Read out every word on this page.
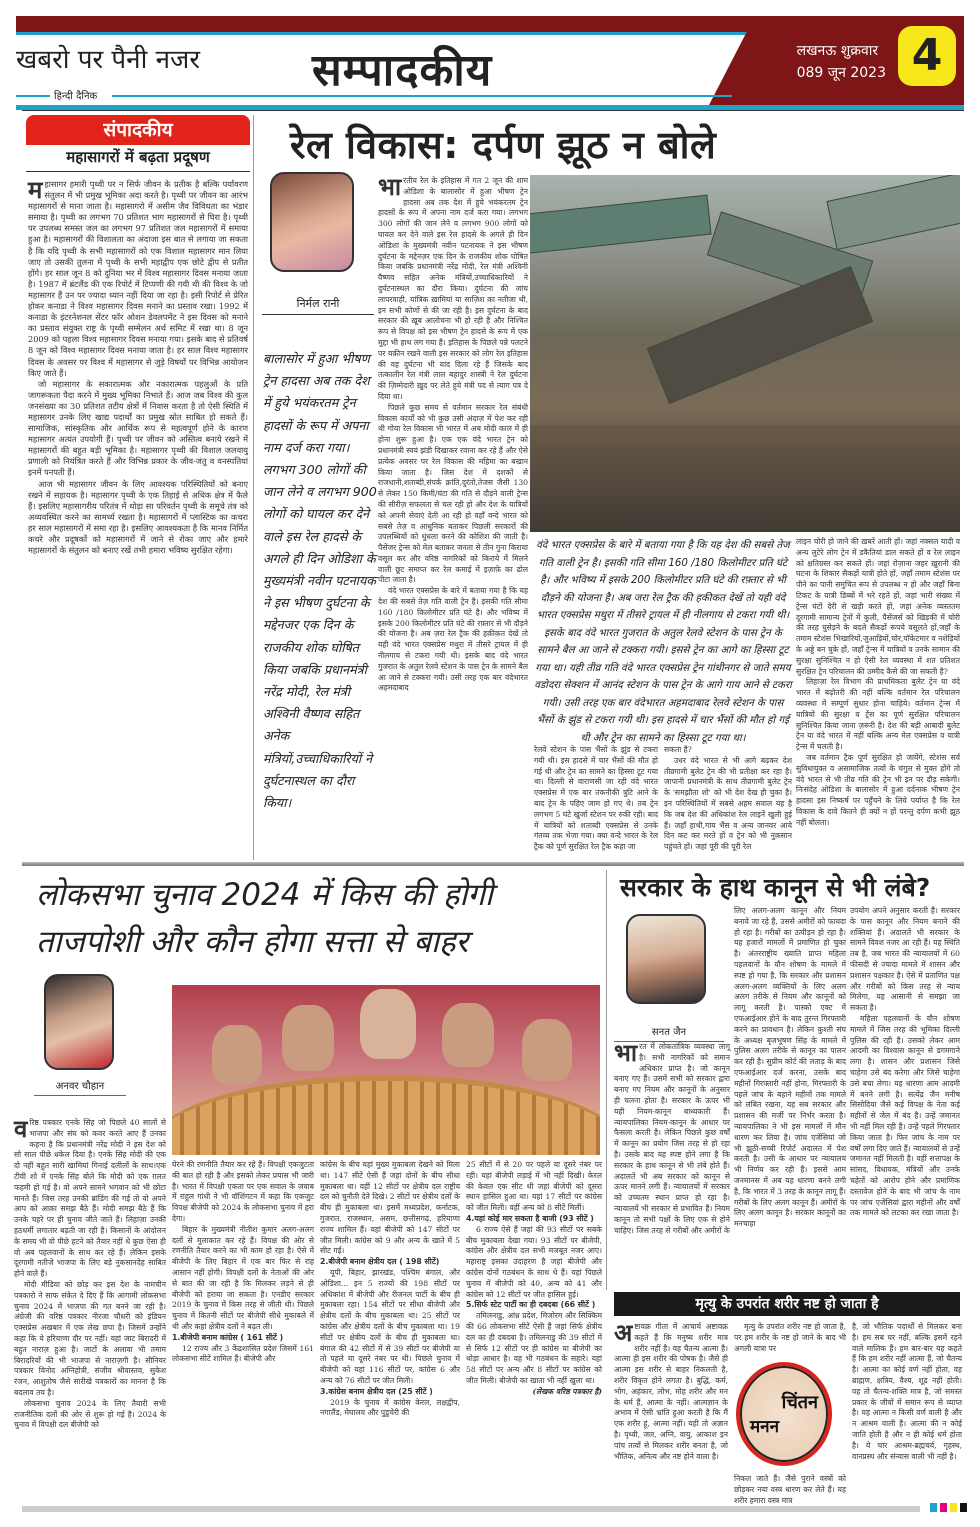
खबरो पर पैनी नजर
हिन्दी दैनिक
सम्पादकीय	लखनऊ शुक्रवार
089 जून 2023 4
संपादकीय
महासागरों में बढ़ता प्रदूषण

महासागर हमारी पृथ्वी पर न सिर्फ जीवन के प्रतीक है बल्कि पर्यावरण संतुलन में भी प्रमुख भूमिका अदा करते है। पृथ्वी पर जीवन का आरंभ महासागरों से माना जाता है। महासागरो में असीम जैव विविधता का भंडार समाया है। पृथ्वी का लगभग 70 प्रतिशत भाग महासागरों से घिरा है। पृथ्वी पर उपलब्ध समस्त जल का लगभग 97 प्रतिशत जल महासागरों में समाया हुआ है। महासागरों की विशालता का अंदाजा इस बात से लगाया जा सकता है कि यदि पृथ्वी के सभी महासागरों को एक विशाल महासागर मान लिया जाए तो उसकी तुलना में पृथ्वी के सभी महाद्वीप एक छोटे द्वीप से प्रतीत होंगे। हर साल जून 8 को दुनिया भर में विश्व महासागर दिवस मनाया जाता है। 1987 में ब्रंटलैंड की एक रिपोर्ट में टिप्पणी की गयी थी की विश्व के जो महासागर हैं उन पर ज्यादा ध्यान नहीं दिया जा रहा है। इसी रिपोर्ट से प्रेरित होकर कनाडा ने विश्व महासागर दिवस मनाने का प्रस्ताव रखा। 1992 में कनाडा के इंटरनेशनल सेंटर फॉर ओशन डेवलपमेंट ने इस दिवस को मनाने का प्रस्ताव संयुक्त राष्ट्र के पृथ्वी सम्मेलन अर्थ समिट में रखा था। 8 जून 2009 को पहला विश्व महासागर दिवस मनाया गया। इसके बाद से प्रतिवर्ष 8 जून को विश्व महासागर दिवस मनाया जाता है। हर साल विश्व महासागर दिवस के अवसर पर विश्व में महासागर से जुड़े विषयों पर विभिन्न आयोजन किए जाते हैं।

जो महासागर के सकारात्मक और नकारात्मक पहलुओं के प्रति जागरूकता पैदा करने में मुख्य भूमिका निभाते हैं। आज जब विश्व की कुल जनसंख्या का 30 प्रतिशत तटीय क्षेत्रों में निवास करता है तो ऐसी स्थिति में महासागर उनके लिए खाद्य पदार्थों का प्रमुख स्रोत साबित हो सकते हैं। सामाजिक, सांस्कृतिक और आर्थिक रूप से महत्वपूर्ण होने के कारण महासागर अत्यंत उपयोगी हैं। पृथ्वी पर जीवन को अस्तित्व बनाये रखने में महासागरों की बहुत बड़ी भूमिका है। महासागर पृथ्वी की विशाल जलवायु प्रणाली को नियंत्रित करते हैं और विभिन्न प्रकार के जीव-जंतु व वनस्पतियां इनमें पनपती हैं।

आज भी महासागर जीवन के लिए आवश्यक परिस्थितियों को बनाए रखने में सहायक है। महासागर पृथ्वी के एक तिहाई से अधिक क्षेत्र में फैले हैं। इसलिए महासागरीय परितंत्र में थोड़ा सा परिवर्तन पृथ्वी के समूचे तंत्र को अव्यवस्थित करने का सामर्थ्य रखता है। महासागरों में प्लास्टिक का कचरा हर साल महासागरों में समा रहा है। इसलिए आवश्यकता है कि मानव निर्मित कचरे और प्रदूषकों को महासागरों में जाने से रोका जाए और हमारे महासागरों के संतुलन को बनाए रखें तभी हमारा भविष्य सुरक्षित रहेगा।

रेल विकास: दर्पण झूठ न बोले
निर्मल रानी
बालासोर में हुआ भीषण ट्रेन हादसा अब तक देश में हुये भयंकरतम ट्रेन हादसों के रूप में अपना नाम दर्ज करा गया। लगभग 300 लोगों की जान लेने व लगभग 900 लोगों को घायल कर देने वाले इस रेल हादसे के अगले ही दिन ओडिशा के मुख्यमंत्री नवीन पटनायक ने इस भीषण दुर्घटना के मद्देनजर एक दिन के राजकीय शोक घोषित किया जबकि प्रधानमंत्री नरेंद्र मोदी, रेल मंत्री अश्विनी वैष्णव सहित अनेक मंत्रियों,उच्चाधिकारियों ने दुर्घटनास्थल का दौरा किया।

भारतीय रेल के इतिहास में गत 2 जून की शाम ओडिशा के बालासोर में हुआ भीषण ट्रेन हादसा अब तक देश में हुये भयंकरतम ट्रेन हादसों के रूप में अपना नाम दर्ज करा गया। लगभग 300 लोगों की जान लेने व लगभग 900 लोगों को घायल कर देने वाले इस रेल हादसे के अगले ही दिन ओडिशा के मुख्यमंत्री नवीन पटनायक ने इस भीषण दुर्घटना के मद्देनज़र एक दिन के राजकीय शोक घोषित किया जबकि प्रधानमंत्री नरेंद्र मोदी, रेल मंत्री अश्विनी वैष्णव सहित अनेक मंत्रियों,उच्चाधिकारियों ने दुर्घटनास्थल का दौरा किया। दुर्घटना की जांच लापरवाही, यांत्रिक ख़ामियां या साज़िश का नतीजा थी, इन सभी कोणों से की जा रही है। इस दुर्घटना के बाद सरकार की ख़ूब आलोचना भी हो रही है और निश्चित रूप से विपक्ष को इस भीषण ट्रेन हादसे के रूप में एक मुद्दा भी हाथ लग गया है। इतिहास के पिछले पन्ने पलटने पर यक़ीन रखने वाली इस सरकार को लोग रेल इतिहास की वह दुर्घटना भी याद दिला रहे हैं जिसके बाद तत्कालीन रेल मंत्री लाल बहादुर शास्त्री ने रेल दुर्घटना की ज़िम्मेदारी ख़ुद पर लेते हुये मंत्री पद से त्याग पत्र दे दिया था।

पिछले कुछ समय से वर्तमान सरकार रेल संबंधी विकास कार्यों को भी कुछ उसी अंदाज़ में पेश कर रही थी गोया रेल विकास भी भारत में अब मोदी काल में ही होना शुरू हुआ है। एक एक वंदे भारत ट्रेन को प्रधानमंत्री स्वयं झंडी दिखाकर रवाना कर रहे हैं और ऐसे प्रत्येक अवसर पर रेल विकास की महिमा का बखान किया जाता है। जिस देश में दशकों से राजधानी,शताब्दी,संपर्क क्रांति,दुरंतो,तेजस जैसी 130 से लेकर 150 किमी/घंटा की गति से दौड़ने वाली ट्रेन्स की सीरीज़ सफलता से चल रही हो और देश के यात्रियों को अपनी सेवाएं देती आ रही हो वहाँ वन्दे भारत को सबसे तेज़ व आधुनिक बताकर पिछली सरकारों की उपलब्धियों को धुंधला करने की कोशिश की जाती है। पैसेंजर ट्रेन्स को मेल बताकर जनता से तीन गुना किराया वसूल कर और वरिष्ठ नागरिकों को किराये में मिलने वाली छूट समाप्त कर रेल कमाई में इज़ाफ़े का ढोल पीटा जाता है।

वंदे भारत एक्सप्रेस के बारे में बताया गया है कि यह देश की सबसे तेज़ गति वाली ट्रेन है। इसकी गति सीमा 160 /180 किलोमीटर प्रति घंटे है। और भविष्य में इसके 200 किलोमीटर प्रति घंटे की रफ़्तार से भी दौड़ने की योजना है। अब ज़रा रेल ट्रैक की हक़ीक़त देखें तो यही वंदे भारत एक्सप्रेस मथुरा में तीसरे ट्रायल में ही नीलगाय से टकरा गयी थी। इसके बाद वंदे भारत गुजरात के अतुल रेलवे स्टेशन के पास ट्रेन के सामने बैल आ जाने से टक्करा गयी। उसी तरह एक बार वंदेभारत अहमदाबाद

वंदे भारत एक्सप्रेस के बारे में बताया गया है कि यह देश की सबसे तेज गति वाली ट्रेन है। इसकी गति सीमा 160 /180 किलोमीटर प्रति घंटे है। और भविष्य में इसके 200 किलोमीटर प्रति घंटे की रफ़्तार से भी दौड़ने की योजना है। अब जरा रेल ट्रैक की हकीकत देखें तो यही वंदे भारत एक्सप्रेस मथुरा में तीसरे ट्रायल में ही नीलगाय से टकरा गयी थी। इसके बाद वंदे भारत गुजरात के अतुल रेलवे स्टेशन के पास ट्रेन के सामने बैल आ जाने से टक्करा गयी। इससे ट्रेन का आगे का हिस्सा टूट गया था। यही तीव्र गति वंदे भारत एक्सप्रेस ट्रेन गांधीनगर से जाते समय वडोदरा सेक्शन में आनंद स्टेशन के पास ट्रेन के आगे गाय आने से टकरा गयी। उसी तरह एक बार वंदेभारत अहमदाबाद रेलवे स्टेशन के पास भैंसों के झुंड से टकरा गयी थी। इस हादसे में चार भैंसों की मौत हो गई थी और ट्रेन का सामने का हिस्सा टूट गया था।

लाइन चोरी हो जाने की ख़बरें आती हों। जहां नक्सल यादी व अन्य लुटेरे लोग ट्रेन में डकैतियां डाल सकते हों व रेल लाइन को क्षतिग्रस्त कर सकते हों। जहां रोज़ाना जहर ख़ुरानी की घटना के शिकार सैकड़ों यात्री होते हों, जहाँ तमाम स्टेशंस पर पीने का पानी समुचित रूप से उपलब्ध न हो और जहाँ बिना टिकट के यात्री डिब्बों में भरे रहते हों, जहां भारी संख्या में ट्रेन्स घंटों देरी से खड़ी करते हों, जहां अनेक व्यस्ततम दूरगामी सामान्य ट्रेनों में कुली, पैसेंजर्स को खिड़की में चोरी की तरह घुसेड़ने के बदले सैकड़ों रूपये वसूलते हों,जहाँ के तमाम स्टेशंस भिखारियों,जुआड़ियों,चोर,पॉकेटमार व नशेड़ियों के अड्डे बन चुके हों, जहाँ ट्रेन्स में यात्रियों व उनके सामान की सुरक्षा सुनिश्चित न हो ऐसी रेल व्यवस्था में शत प्रतिशत सुरक्षित ट्रेन परिचालन की उम्मीद कैसे की जा सकती है?

लिहाज़ा रेल विभाग की प्राथमिकता बुलेट ट्रेन या वंदे भारत में बढ़ोतरी की नहीं बल्कि वर्तमान रेल परिचालन व्यवस्था में सम्पूर्ण सुधार होना चाहिये। वर्तमान ट्रेन्स में यात्रियों की सुरक्षा व ट्रेंस का पूर्ण सुरक्षित परिचालन सुनिश्चित किया जाना ज़रूरी है। देश की बड़ी आबादी बुलेट ट्रेन या वंदे भारत में नहीं बल्कि अन्य मेल एक्सप्रेस व यात्री ट्रेन्स में चलती है।

जब वर्तमान ट्रैक पूर्ण सुरक्षित हो जायेंगे, स्टेशंस सर्व सुविधायुक्त व असामाजिक तत्वों के चंगुल से मुक्त होंगे तो वंदे भारत से भी तीव्र गति की ट्रेन भी इन पर दौड़ सकेगी। निःसंदेह ओडिशा के बालासोर में हुआ दर्दनाक भीषण ट्रेन हादसा इस निष्कर्ष पर पहुँचने के लिये पर्याप्त है कि रेल विकास के दावे कितने ही क्यों न हों परन्तु दर्पण कभी झूठ नहीं बोलता।

रेलवे स्टेशन के पास भैंसों के झुंड से टकरा गयी थी। इस हादसे में चार भैंसों की मौत हो गई थी और ट्रेन का सामने का हिस्सा टूट गया था। दिल्ली से वाराणसी जा रही वंदे भारत एक्सप्रेस में एक बार तकनीकी त्रुटि आने के बाद ट्रेन के पहिए जाम हो गए थे। तब ट्रेन लगभग 5 घंटे खुर्जा स्टेशन पर रुकी रही। बाद में यात्रियों को शताब्दी एक्सप्रेस से उनके गंतव्य तक भेजा गया। क्या वन्दे भारत के रेल ट्रैक को पूर्ण सुरक्षित रेल ट्रैक कहा जा

सकता है?

उधर वंदे भारत से भी आगे बढ़कर देश तीव्रगामी बुलेट ट्रेन की भी प्रतीक्षा कर रहा है। जापानी प्रधानमंत्री के साथ तीव्रगामी बुलेट ट्रेन के 'समझौता शो' को भी देश देख ही चुका है। इन परिस्थितियों में सबसे अहम सवाल यह है कि जब देश की अधिकांश रेल लाइनें खुली हुई हैं। जहाँ हाथी,गाय भैंस व अन्य जानवर आये दिन कट कर मरते हों व ट्रेन को भी नुक़सान पहुंचते हों। जहां पूरी की पूरी रेल

लोकसभा चुनाव 2024 में किस की होगी
ताजपोशी और कौन होगा सत्ता से बाहर
अनवर चौहान

वरिष्ठ पत्रकार एनके सिंह जो पिछले 40 सालों से भाजपा और संघ को कवर करते आए हैं उनका कहना है कि प्रधानमंत्री नरेंद्र मोदी ने इस देश को सो साल पीछे धकेल दिया है। एनके सिंह मोदी की एक दो नहीं बहुत सारी खामियां गिनाई दलीलों के साथ।एक टीवी शो में एनके सिंह बोले कि मोदी को एक ग़लत फहमी हो गई है। वो अपने सामने भगवान को भी छोटा मानते हैं। जिस तरह उनकी ब्रांडिंग की गई तो वो अपने आप को आक़ा समझ बैठे हैं। मोदी समझ बैठे हैं कि उनके चहरे पर ही चुनाव जीते जाते हैं। लिहाज़ा उनकी हठधर्मी लगातार बढ़ती जा रही है। किसानों के आंदोलन के समय भी वो पीछे हटने को तैयार नहीं थे कुछ ऐसा ही वो अब पहलवानों के साथ कर रहे हैं। लेकिन इसके दूरगामी नतीजे भाजपा के लिए बड़े नुकसानदेह साबित होने वाले हैं।

मोदी मीडिया को छोड़ कर इस देश के नामचीन पत्रकारो ने साफ संकेत दे दिए हैं कि आगामी लोकसभा चुनाव 2024 में भाजपा की गत बनने जा रही है। अंग्रेजी की वरिष्ठ पत्रकार नीरजा चौधरी को इंडियन एक्सप्रेस अखबार में एक लेख छपा है। जिसमें उन्होंने कहा कि ये हरियाणा दौर पर नहीं। यहां जाट बिरादरी में बहुत नाराज़ हुआ है। जाटों के अलावा भी तमाम बिरादरियों की भी भाजपा से नाराज़गी है। सीनियर पत्रकार विनोद अग्निहोत्री, संजीव श्रीवास्तव, सुकेश रंजन, आशुतोष जैसे सारीखे पत्रकारों का मानना है कि बदलाव तय है।

लोकसभा चुनाव 2024 के लिए तैयारी सभी राजनीतिक दलों की ओर से शुरू हो गई है। 2024 के चुनाव में विपक्षी दल बीजेपी को

घेरने की रणनीति तैयार कर रहे हैं। विपक्षी एकजुटता की बात हो रही है और इसको लेकर प्रयास भी जारी है। भारत में विपक्षी एकता पर एक सवाल के जवाब में राहुल गांधी ने भी वॉशिंगटन में कहा कि एकजुट विपक्ष बीजेपी को 2024 के लोकसभा चुनाव में हरा देगा।

बिहार के मुख्यमंत्री नीतीश कुमार अलग-अलग दलों से मुलाकात कर रहे हैं। विपक्ष की ओर से रणनीति तैयार करने का भी काम हो रहा है। ऐसे में बीजेपी के लिए बिहार में एक बार फिर से राह आसान नहीं होगी। विपक्षी दलों के नेताओं की ओर से बात की जा रही है कि मिलकर लड़ने से ही बीजेपी को हराया जा सकता है। एनडीए सरकार 2019 के चुनाव में किस तरह से जीती थी। पिछले चुनाव में कितनी सीटों पर बीजेपी सीधे मुकाबले में थी और कहां क्षेत्रीय दलों ने बढ़त ली।

1.बीजेपी बनाम कांग्रेस ( 161 सीटें )

12 राज्य और 3 केंद्रशासित प्रदेश जिसमें 161 लोकसभा सीटें शामिल हैं। बीजेपी और

कांग्रेस के बीच यहां मुख्य मुकाबला देखने को मिला था। 147 सीटें ऐसी हैं जहां दोनों के बीच सीधा मुकाबला था। वहीं 12 सीटों पर क्षेत्रीय दल राष्ट्रीय दल को चुनौती देते दिखे। 2 सीटों पर क्षेत्रीय दलों के बीच ही मुकाबला था। इसमें मध्यप्रदेश, कर्नाटक, गुजरात, राजस्थान, असम, छत्तीसगढ़, हरियाणा राज्य शामिल हैं। यहां बीजेपी को 147 सीटों पर जीत मिली। कांग्रेस को 9 और अन्य के खाते में 5 सीट गईं।

2.बीजेपी बनाम क्षेत्रीय दल ( 198 सीटें)

यूपी, बिहार, झारखंड, पश्चिम बंगाल, और ओडिशा... इन 5 राज्यों की 198 सीटों पर अधिकांश में बीजेपी और रीजनल पार्टी के बीच ही मुकाबला रहा। 154 सीटों पर सीधा बीजेपी और क्षेत्रीय दलों के बीच मुकाबला था। 25 सीटों पर कांग्रेस और क्षेत्रीय दलों के बीच मुकाबला था। 19 सीटों पर क्षेत्रीय दलों के बीच ही मुकाबला था। बंगाल की 42 सीटों में से 39 सीटों पर बीजेपी या तो पहले या दूसरे नंबर पर थी। पिछले चुनाव में बीजेपी को यहां 116 सीटों पर, कांग्रेस 6 और अन्य को 76 सीटों पर जीत मिली।

3.कांग्रेस बनाम क्षेत्रीय दल (25 सीटें )

2019 के चुनाव में कांग्रेस केरल, लक्षद्वीप, नगालैंड, मेघालय और पुडुचेरी की

25 सीटों में से 20 पर पहले या दूसरे नंबर पर रही। यहां बीजेपी लड़ाई में भी नहीं दिखी। केरल की केवल एक सीट थी जहां बीजेपी को दूसरा स्थान हासिल हुआ था। यहां 17 सीटों पर कांग्रेस को जीत मिली। वहीं अन्य को 8 सीटें मिलीं।

4.यहां कोई मार सकता है बाजी (93 सीटें )

6 राज्य ऐसे हैं जहां की 93 सीटों पर सबके बीच मुकाबला देखा गया। 93 सीटों पर बीजेपी, कांग्रेस और क्षेत्रीय दल सभी मजबूत नजर आए। महाराष्ट्र इसका उदाहरण है जहां बीजेपी और कांग्रेस दोनों गठबंधन के साथ थे हैं। यहां पिछले चुनाव में बीजेपी को 40, अन्य को 41 और कांग्रेस को 12 सीटों पर जीत हासिल हुई।

5.सिर्फ स्टेट पार्टी का ही दबदबा (66 सीटें )

तमिलनाडु, आंध्र प्रदेश, मिजोरम और सिक्किम की 66 लोकसभा सीटें ऐसी हैं जहां सिर्फ क्षेत्रीय दल का ही दबदबा है। तमिलनाडु की 39 सीटों में से सिर्फ 12 सीटों पर ही कांग्रेस या बीजेपी का थोड़ा आधार है। वह भी गठबंधन के सहारे। यहां 58 सीटों पर अन्य और 8 सीटों पर कांग्रेस को जीत मिली। बीजेपी का खाता भी नहीं खुला था।

(लेखक वरिष्ठ पत्रकार है)

सरकार के हाथ कानून से भी लंबे?
सनत जैन

भारत में लोकतांत्रिक व्यवस्था लागू है। सभी नागरिकों को समान अधिकार प्राप्त है। जो कानून बनाए गए हैं। उसमें सभी को सरकार द्वारा बनाए गए नियम और कानूनों के अनुसार ही चलना होता है। सरकार के ऊपर भी यही नियम-कानून बाध्यकारी हैं। न्यायपालिका नियम-कानून के आधार पर फैसला करती है। लेकिन पिछले कुछ वर्षों में कानून का प्रयोग जिस तरह से हो रहा है। उसके बाद यह स्पष्ट होने लगा है कि सरकार के हाथ कानून से भी लंबे होते हैं। अदालतें भी अब सरकार को कानून से ऊपर मानने लगी हैं। न्यायालयों में सरकार को उच्चतम स्थान प्राप्त हो रहा है। न्यायालयें भी सरकार से प्रभावित हैं। नियम कानून तो सभी पक्षों के लिए एक से होने चाहिए। जिस तरह से गरीबों और अमीरों के

लिए अलग-अलग कानून और नियम बनाये जा रहे हैं, उससे अमीरों को फायदा हो रहा है। गरीबों का उत्पीड़न हो रहा है। यह हजारों मामलों में प्रमाणित हो चुका है। अंतरराष्ट्रीय ख्याति प्राप्त महिला पहलवानों के यौन शोषण के मामले में स्पष्ट हो गया है, कि सरकार और प्रशासन अलग-अलग व्यक्तियों के लिए अलग अलग तरीके से नियम और कानूनों को लागू करती है। पास्को एक्ट में एफआईआर होने के बाद तुरन्त गिरफ्तारी करने का प्रावधान है। लेकिन कुश्ती संघ के अध्यक्ष बृजभूषण सिंह के मामले में पुलिस अलग तरीके से कानून का पालन कर रही है। सुप्रीम कोर्ट की लताड़ के बाद एफआईआर दर्ज करना, उसके बाद महीनों गिरफ्तारी नहीं होना, गिरफ्तारी के पहले जांच के बहाने महीनों तक मामले को लंबित रखना, यह सब सरकार और प्रशासन की मर्जी पर निर्भर करता है। न्यायपालिका ने भी इस मामलों में मौन धारण कर लिया है। जांच एजेंसियां जो भी झूठी-सच्ची रिपोर्ट अदालत में पेश करती है। उसी के आधार पर न्यायालय भी निर्णय कर रही हैं। इससे आम जनमानस में अब यह धारणा बनने लगी है, कि भारत में 3 तरह के कानून लागू हैं। गरीबों के लिए अलग कानून हैं। अमीरों के लिए अलग कानून है। सरकार कानूनों का मनचाहा

उपयोग अपने अनुसार करती है। सरकार के पास कानून और नियम बनाने की शक्तियां हैं। अदालतें भी सरकार के सामने विवश नजर आ रही हैं। यह स्थिति तब है, जब भारत की न्यायालयों में 60 फीसदी से ज्यादा मामले में शासन और प्रशासन पक्षकार है। ऐसे में प्रताणित पक्ष और गरीबों को किस तरह से न्याय मिलेगा, यह आसानी से समझा जा सकता है।

महिला पहलवानों के यौन शोषण मामले में जिस तरह की भूमिका दिल्ली पुलिस की रही है। उसको लेकर आम आदमी का विश्वास कानून से डगमगाने लगा है। शासन और प्रशासन जिसे चाहेगा उसे बंद करेगा और जिसे चाहेगा उसे बचा लेगा। यह धारणा आम आदमी में बनने लगी है। सत्येंद्र जैन मनीष सिसोदिया जैसे कई विपक्ष के नेता कई महीनों से जेल में बंद है। उन्हें जमानत भी नहीं मिल रही है। उन्हें पहले गिरफ्तार किया जाता है। फिर जांच के नाम पर वर्षों लगा दिए जाते हैं। न्यायालयों से उन्हें जमानत नहीं मिलती है। वहीं सत्तापक्ष के सांसद, विधायक, मंत्रियों और उनके चहेतों को आरोप होने और प्रमाणिक दस्तावेज होने के बाद भी जांच के नाम पर जांच एजेंसियां द्वारा महीनों और वर्षों तक मामले को लटका कर रखा जाता है।

मृत्यु के उपरांत शरीर नष्ट हो जाता है

अष्टावक्र गीता में आचार्य अष्टावक्र कहते हैं कि मनुष्य शरीर मात्र शरीर नहीं है। वह चैतन्य आत्मा है। आत्मा ही इस शरीर की पोषक है। जैसे ही आत्मा इस शरीर से बाहर निकलती है, शरीर विकृत होने लगता है। बुद्धि, कर्म, भोग, अहंकार, लोभ, मोह शरीर और मन के धर्म हैं, आत्मा के नहीं। आत्मज्ञान के अभाव में ऐसी भ्रांति हुआ करती है कि मैं एक शरीर हूं, आत्मा नहीं। यही तो अज्ञान है। पृथ्वी, जल, अग्नि, वायु, आकाश इन पांच तत्वों से मिलकर शरीर बनता है, जो भौतिक, अनित्य और नष्ट होने वाला है।

मृत्यु के उपरांत शरीर नष्ट हो जाता है, पर हम शरीर के नष्ट हो जाने के बाद भी अगली यात्रा पर

चिंतन
मनन

निकल जाते हैं। जैसे पुराने वस्त्रों को छोड़कर नया वस्त्र धारण कर लेते हैं। यह शरीर हमारा वस्त्र मात्र

है, जो भौतिक पदार्थों से मिलकर बना है। हम सब घर नहीं, बल्कि इसमें रहने वाले मालिक हैं। हम बार-बार यह कहते हैं कि हम शरीर नहीं आत्मा हैं, जो चैतन्य है। आत्मा का कोई वर्ण नहीं होता, वह ब्राह्मण, क्षत्रिय, वैश्य, शूद्र नहीं होती। वह तो चैतन्य-शक्ति मात्र है, जो समस्त प्रकार के जीवों में समान रूप से व्याप्त है। यह आत्मा न किसी वर्ण वाली है और न आश्रम वाली है। आत्मा की न कोई जाति होती है और न ही कोई धर्म होता है। ये चार आश्रम-ब्रह्मचर्य, गृहस्थ, वानप्रस्थ और संन्यास वाली भी नहीं है।
